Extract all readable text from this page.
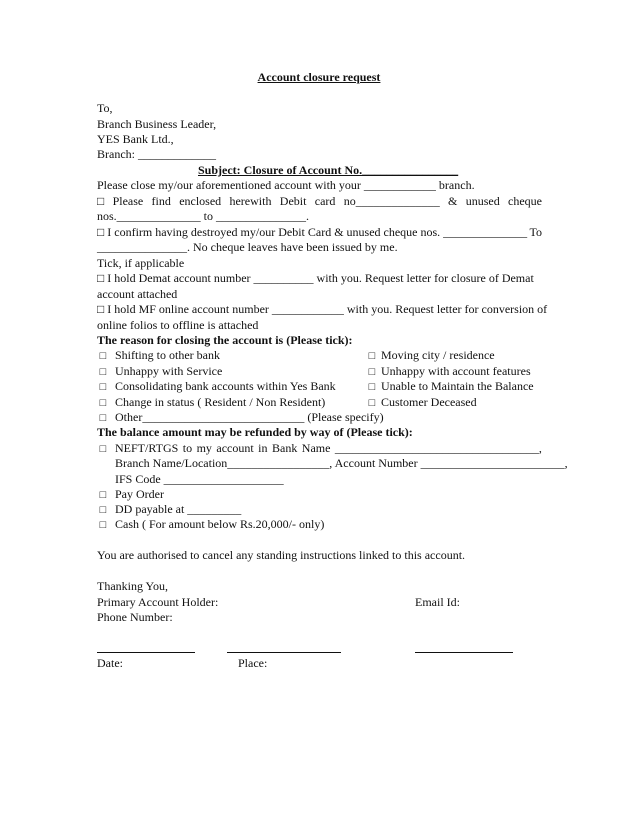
Account closure request
To,
Branch Business Leader,
YES Bank Ltd.,
Branch: _____________
Subject: Closure of Account No.________________
Please close my/our aforementioned account with your ____________ branch.
□ Please find enclosed herewith Debit card no______________ & unused cheque
nos.______________ to _______________.
□ I confirm having destroyed my/our Debit Card & unused cheque nos. ______________ To
_______________. No cheque leaves have been issued by me.
Tick, if applicable
□ I hold Demat account number __________ with you. Request letter for closure of Demat
account attached
□ I hold MF online account number ____________ with you. Request letter for conversion of
online folios to offline is attached
The reason for closing the account is (Please tick):
□ Shifting to other bank
□ Unhappy with Service
□ Consolidating bank accounts within Yes Bank
□ Change in status ( Resident / Non Resident)
□ Other___________________________ (Please specify)
□ Moving city / residence
□ Unhappy with account features
□ Unable to Maintain the Balance
□ Customer Deceased
The balance amount may be refunded by way of (Please tick):
□ NEFT/RTGS to my account in Bank Name __________________________________,
Branch Name/Location_________________, Account Number ________________________,
IFS Code ____________________
□ Pay Order
□ DD payable at _________
□ Cash ( For amount below Rs.20,000/- only)
You are authorised to cancel any standing instructions linked to this account.
Thanking You,
Primary Account Holder:	Email Id:
Phone Number:
Date:	Place:
